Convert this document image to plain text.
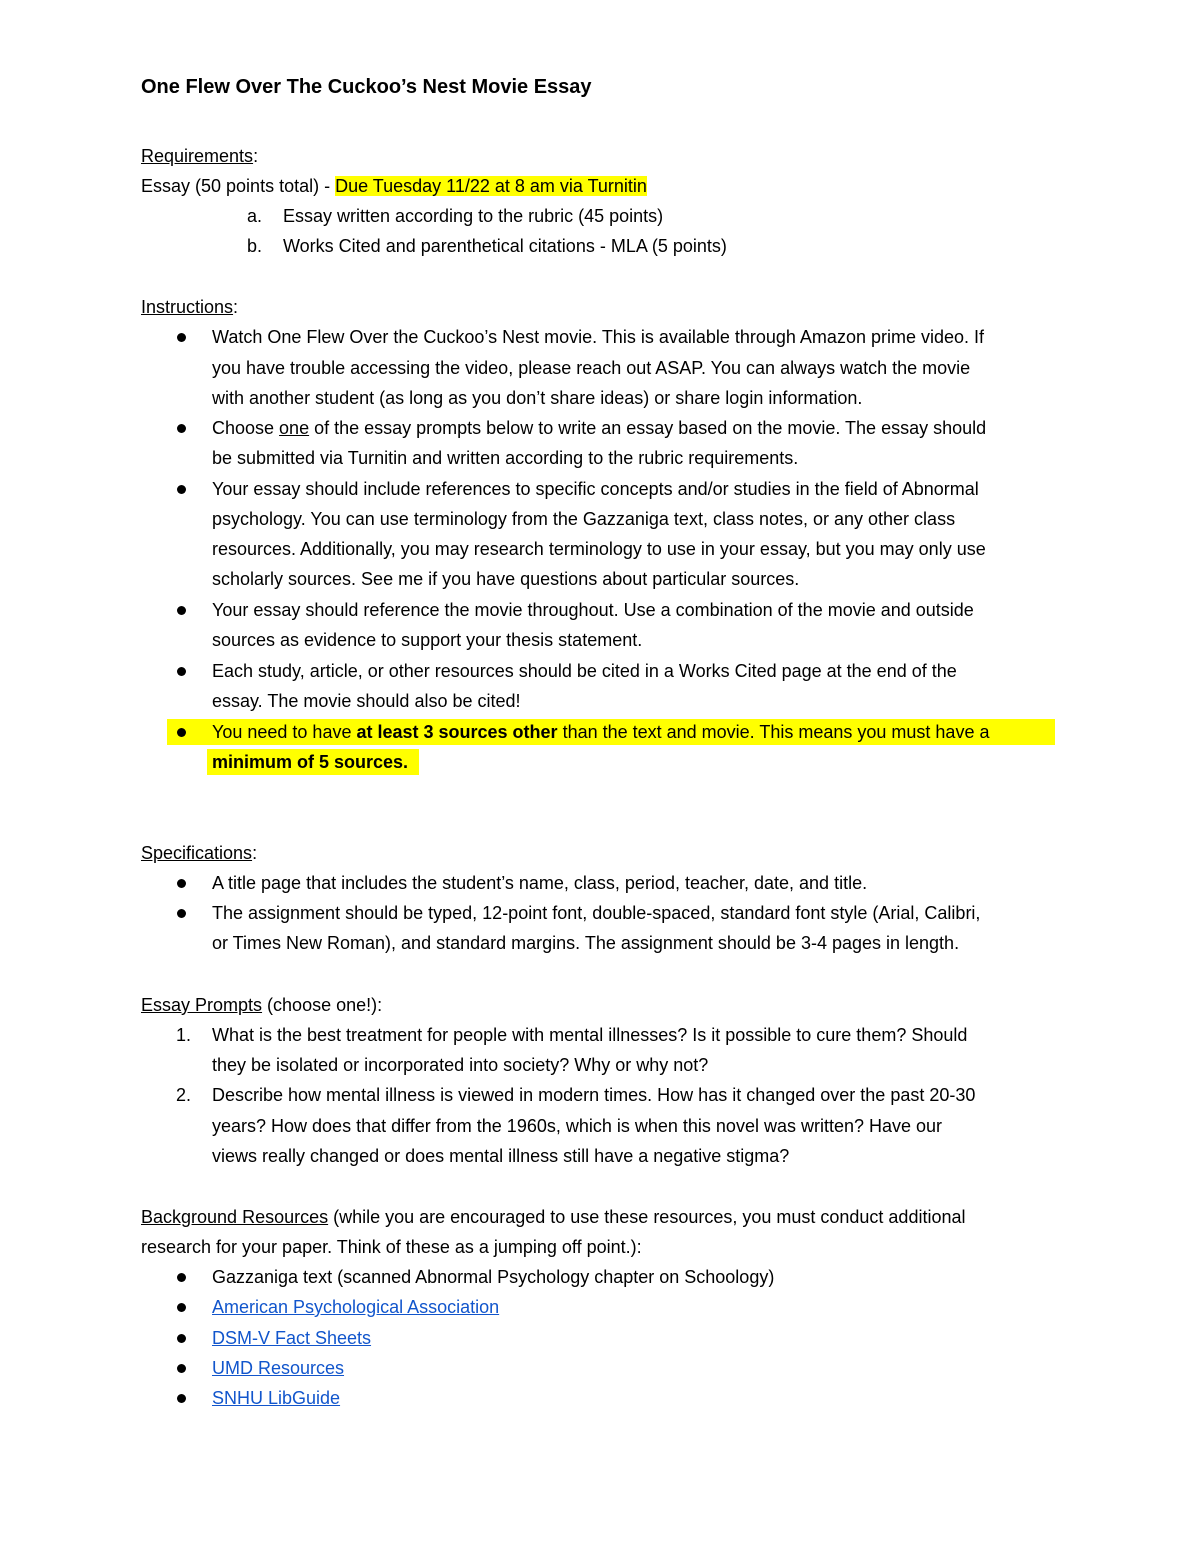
One Flew Over The Cuckoo’s Nest Movie Essay
Requirements:
Essay (50 points total) - Due Tuesday 11/22 at 8 am via Turnitin
a. Essay written according to the rubric (45 points)
b. Works Cited and parenthetical citations - MLA (5 points)
Instructions:
Watch One Flew Over the Cuckoo’s Nest movie. This is available through Amazon prime video. If
you have trouble accessing the video, please reach out ASAP. You can always watch the movie
with another student (as long as you don’t share ideas) or share login information.
Choose one of the essay prompts below to write an essay based on the movie. The essay should
be submitted via Turnitin and written according to the rubric requirements.
Your essay should include references to specific concepts and/or studies in the field of Abnormal
psychology. You can use terminology from the Gazzaniga text, class notes, or any other class
resources. Additionally, you may research terminology to use in your essay, but you may only use
scholarly sources. See me if you have questions about particular sources.
Your essay should reference the movie throughout. Use a combination of the movie and outside
sources as evidence to support your thesis statement.
Each study, article, or other resources should be cited in a Works Cited page at the end of the
essay. The movie should also be cited!
You need to have at least 3 sources other than the text and movie. This means you must have a
minimum of 5 sources.
Specifications:
A title page that includes the student’s name, class, period, teacher, date, and title.
The assignment should be typed, 12-point font, double-spaced, standard font style (Arial, Calibri,
or Times New Roman), and standard margins. The assignment should be 3-4 pages in length.
Essay Prompts (choose one!):
1. What is the best treatment for people with mental illnesses? Is it possible to cure them? Should
they be isolated or incorporated into society? Why or why not?
2. Describe how mental illness is viewed in modern times. How has it changed over the past 20-30
years? How does that differ from the 1960s, which is when this novel was written? Have our
views really changed or does mental illness still have a negative stigma?
Background Resources (while you are encouraged to use these resources, you must conduct additional
research for your paper. Think of these as a jumping off point.):
Gazzaniga text (scanned Abnormal Psychology chapter on Schoology)
American Psychological Association
DSM-V Fact Sheets
UMD Resources
SNHU LibGuide
